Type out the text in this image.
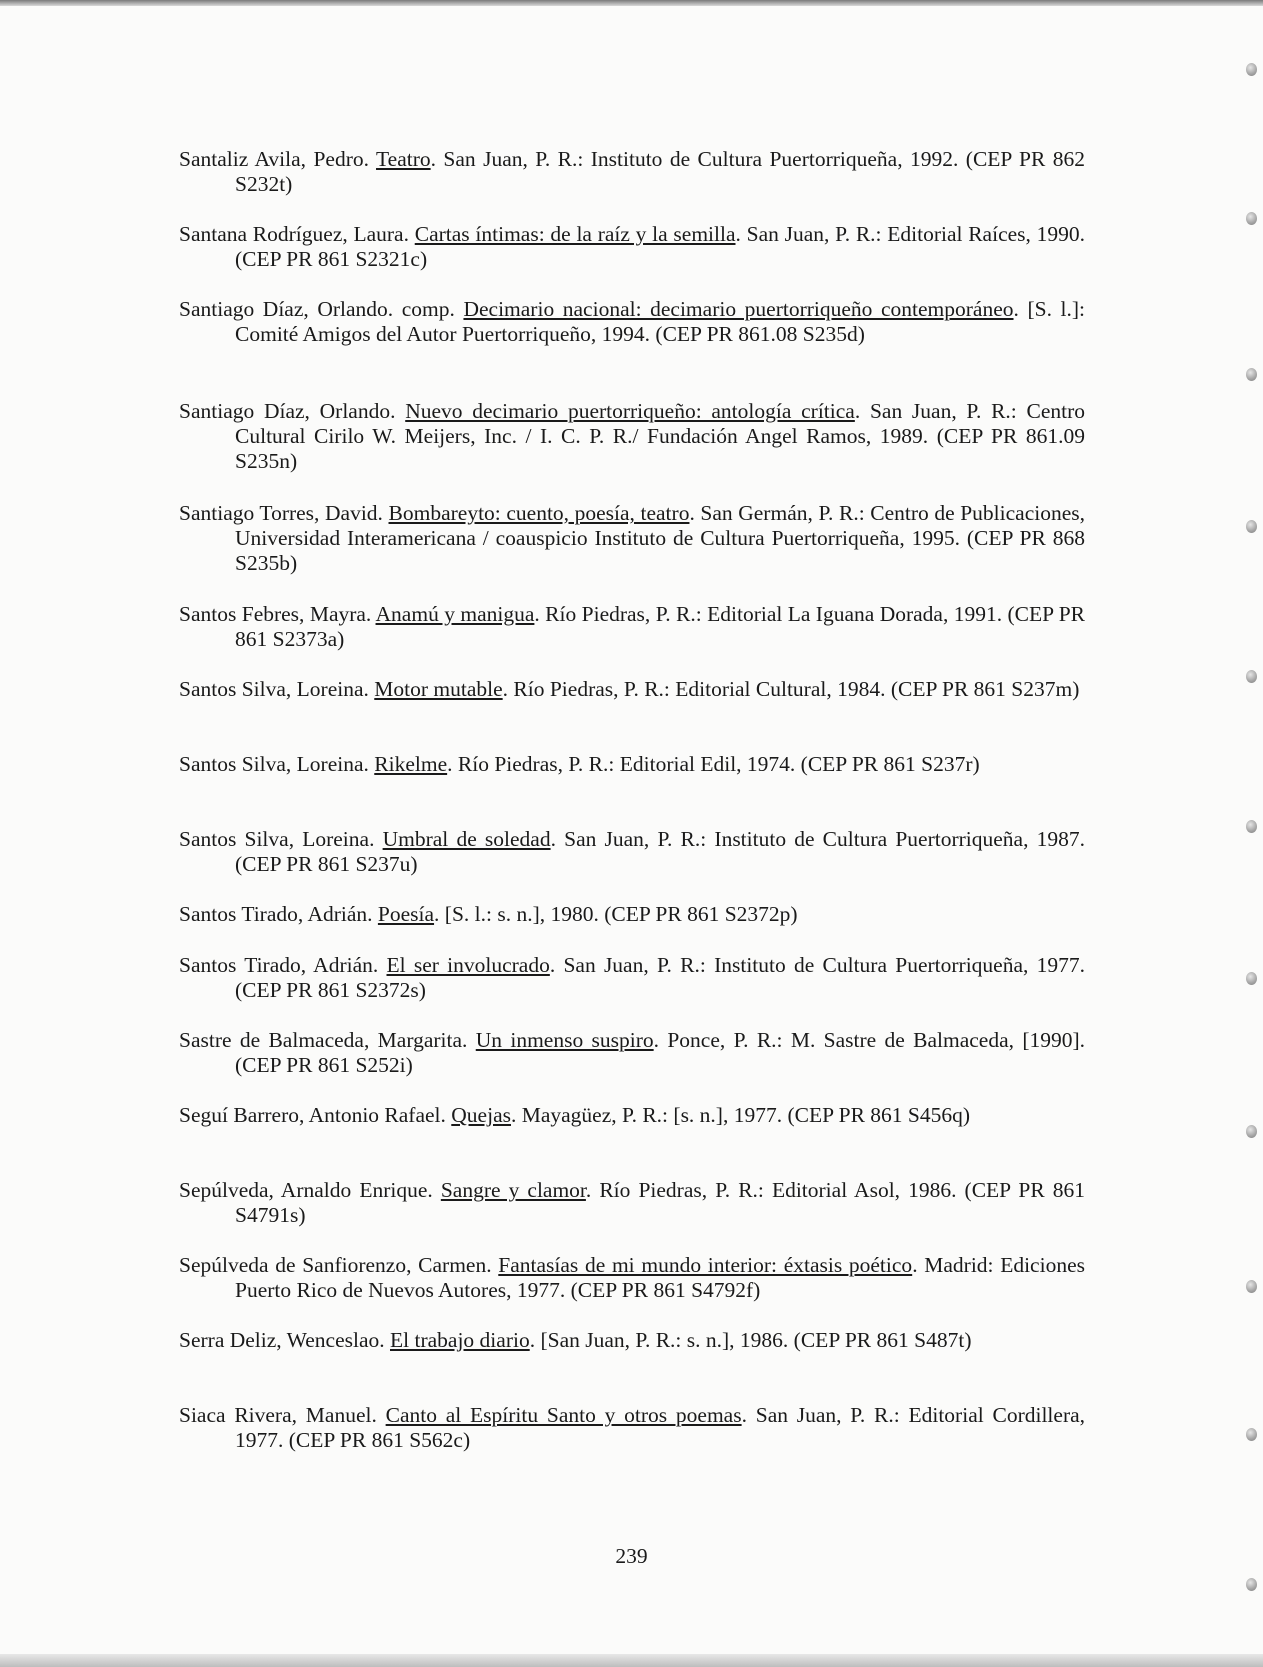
Santaliz Avila, Pedro. Teatro. San Juan, P. R.: Instituto de Cultura Puertorriqueña, 1992. (CEP PR 862 S232t)

Santana Rodríguez, Laura. Cartas íntimas: de la raíz y la semilla. San Juan, P. R.: Editorial Raíces, 1990. (CEP PR 861 S2321c)

Santiago Díaz, Orlando. comp. Decimario nacional: decimario puertorriqueño contemporáneo. [S. l.]: Comité Amigos del Autor Puertorriqueño, 1994. (CEP PR 861.08 S235d)

Santiago Díaz, Orlando. Nuevo decimario puertorriqueño: antología crítica. San Juan, P. R.: Centro Cultural Cirilo W. Meijers, Inc. / I. C. P. R./ Fundación Angel Ramos, 1989. (CEP PR 861.09 S235n)

Santiago Torres, David. Bombareyto: cuento, poesía, teatro. San Germán, P. R.: Centro de Publicaciones, Universidad Interamericana / coauspicio Instituto de Cultura Puertorriqueña, 1995. (CEP PR 868 S235b)

Santos Febres, Mayra. Anamú y manigua. Río Piedras, P. R.: Editorial La Iguana Dorada, 1991. (CEP PR 861 S2373a)

Santos Silva, Loreina. Motor mutable. Río Piedras, P. R.: Editorial Cultural, 1984. (CEP PR 861 S237m)

Santos Silva, Loreina. Rikelme. Río Piedras, P. R.: Editorial Edil, 1974. (CEP PR 861 S237r)

Santos Silva, Loreina. Umbral de soledad. San Juan, P. R.: Instituto de Cultura Puertorriqueña, 1987. (CEP PR 861 S237u)

Santos Tirado, Adrián. Poesía. [S. l.: s. n.], 1980. (CEP PR 861 S2372p)

Santos Tirado, Adrián. El ser involucrado. San Juan, P. R.: Instituto de Cultura Puertorriqueña, 1977. (CEP PR 861 S2372s)

Sastre de Balmaceda, Margarita. Un inmenso suspiro. Ponce, P. R.: M. Sastre de Balmaceda, [1990]. (CEP PR 861 S252i)

Seguí Barrero, Antonio Rafael. Quejas. Mayagüez, P. R.: [s. n.], 1977. (CEP PR 861 S456q)

Sepúlveda, Arnaldo Enrique. Sangre y clamor. Río Piedras, P. R.: Editorial Asol, 1986. (CEP PR 861 S4791s)

Sepúlveda de Sanfiorenzo, Carmen. Fantasías de mi mundo interior: éxtasis poético. Madrid: Ediciones Puerto Rico de Nuevos Autores, 1977. (CEP PR 861 S4792f)

Serra Deliz, Wenceslao. El trabajo diario. [San Juan, P. R.: s. n.], 1986. (CEP PR 861 S487t)

Siaca Rivera, Manuel. Canto al Espíritu Santo y otros poemas. San Juan, P. R.: Editorial Cordillera, 1977. (CEP PR 861 S562c)

239
